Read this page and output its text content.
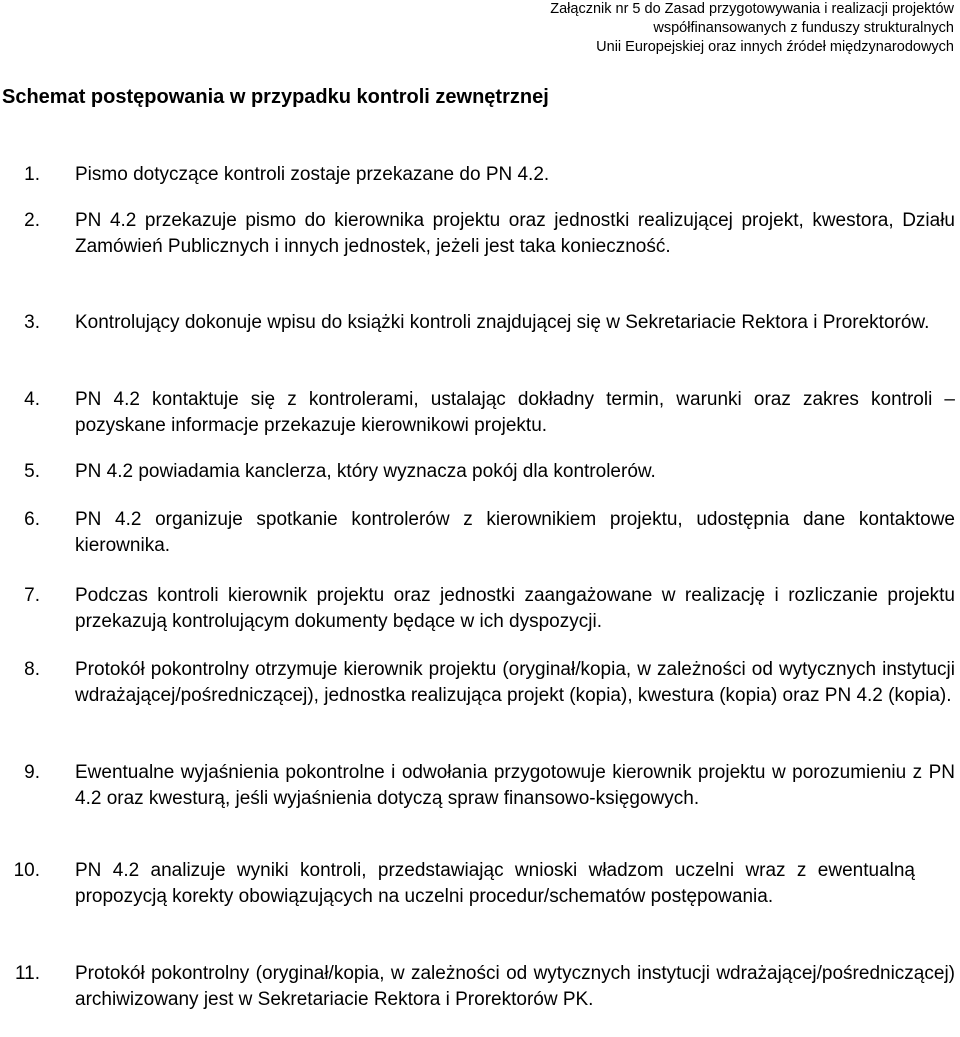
Załącznik nr 5 do Zasad przygotowywania i realizacji projektów
współfinansowanych z funduszy strukturalnych
Unii Europejskiej oraz innych źródeł międzynarodowych
Schemat postępowania w przypadku kontroli zewnętrznej
1. Pismo dotyczące kontroli zostaje przekazane do PN 4.2.
2. PN 4.2 przekazuje pismo do kierownika projektu oraz jednostki realizującej projekt, kwestora, Działu Zamówień Publicznych i innych jednostek, jeżeli jest taka konieczność.
3. Kontrolujący dokonuje wpisu do książki kontroli znajdującej się w Sekretariacie Rektora i Prorektorów.
4. PN 4.2 kontaktuje się z kontrolerami, ustalając dokładny termin, warunki oraz zakres kontroli – pozyskane informacje przekazuje kierownikowi projektu.
5. PN 4.2 powiadamia kanclerza, który wyznacza pokój dla kontrolerów.
6. PN 4.2 organizuje spotkanie kontrolerów z kierownikiem projektu, udostępnia dane kontaktowe kierownika.
7. Podczas kontroli kierownik projektu oraz jednostki zaangażowane w realizację i rozliczanie projektu przekazują kontrolującym dokumenty będące w ich dyspozycji.
8. Protokół pokontrolny otrzymuje kierownik projektu (oryginał/kopia, w zależności od wytycznych instytucji wdrażającej/pośredniczącej), jednostka realizująca projekt (kopia), kwestura (kopia) oraz PN 4.2 (kopia).
9. Ewentualne wyjaśnienia pokontrolne i odwołania przygotowuje kierownik projektu w porozumieniu z PN 4.2 oraz kwesturą, jeśli wyjaśnienia dotyczą spraw finansowo-księgowych.
10. PN 4.2 analizuje wyniki kontroli, przedstawiając wnioski władzom uczelni wraz z ewentualną propozycją korekty obowiązujących na uczelni procedur/schematów postępowania.
11. Protokół pokontrolny (oryginał/kopia, w zależności od wytycznych instytucji wdrażającej/pośredniczącej) archiwizowany jest w Sekretariacie Rektora i Prorektorów PK.
